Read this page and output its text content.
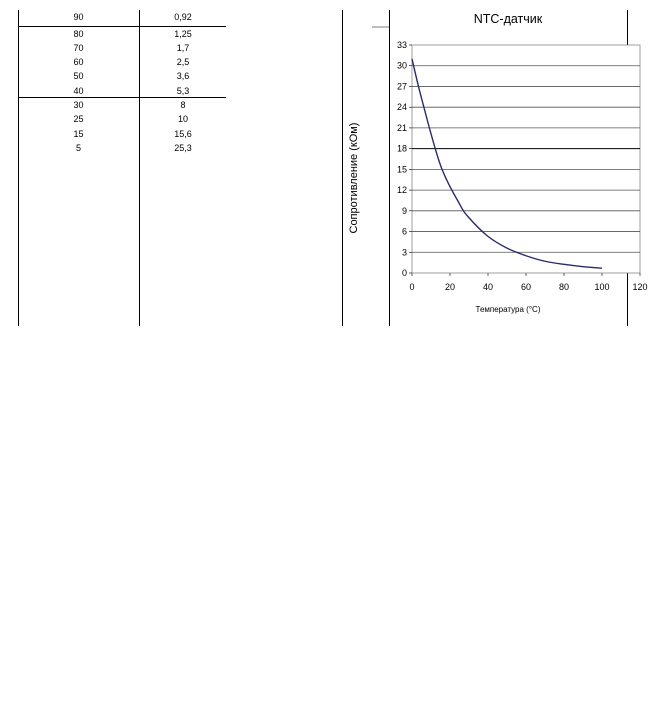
90	0,92
80	1,25
70	1,7
60	2,5
50	3,6
40	5,3
30	8
25	10
15	15,6
5	25,3
NTC-датчик
0
3
6
9
12
15
18
21
24
27
30
33
0	20	40	60	80	100	120
Сопротивление (кОм)
Температура (°C)
